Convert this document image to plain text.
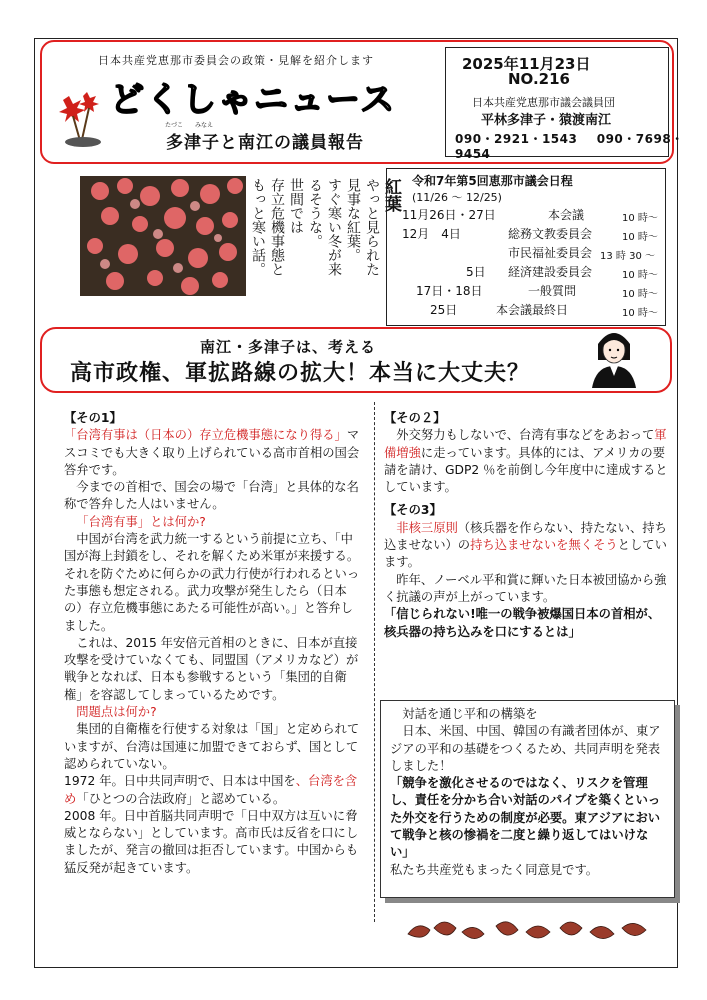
日本共産党恵那市委員会の政策・見解を紹介します
どくしゃニュース
たづこ　　みなえ
多津子と南江の議員報告
2025年11月23日
NO.216
日本共産党恵那市議会議員団
平林多津子・猿渡南江
090・2921・1543 090・7698・9454
紅葉
やっと見られた
見事な紅葉。
すぐ寒い冬が来
るそうな。
世間では
存立危機事態と
もっと寒い話。	令和7年第5回恵那市議会日程
(11/26 ～ 12/25)
11月26日・27日	本会議	10 時～
12月　4日	総務文教委員会	10 時～
市民福祉委員会 13 時 30 ～
5日 経済建設委員会	10 時～
17日・18日	一般質問	10 時～
25日	本会議最終日	10 時～
南江・多津子は、考える
高市政権、軍拡路線の拡大！本当に大丈夫？

【その1】

「台湾有事は（日本の）存立危機事態になり得る」マスコミでも大きく取り上げられている高市首相の国会答弁です。

今までの首相で、国会の場で「台湾」と具体的な名称で答弁した人はいません。

「台湾有事」とは何か?

中国が台湾を武力統一するという前提に立ち、「中国が海上封鎖をし、それを解くため米軍が来援する。それを防ぐために何らかの武力行使が行われるといった事態も想定される。武力攻撃が発生したら（日本の）存立危機事態にあたる可能性が高い。」と答弁しました。

これは、2015 年安倍元首相のときに、日本が直接攻撃を受けていなくても、同盟国（アメリカなど）が戦争となれば、日本も参戦するという「集団的自衛権」を容認してしまっているためです。

問題点は何か?

集団的自衛権を行使する対象は「国」と定められていますが、台湾は国連に加盟できておらず、国として認められていない。

1972 年。日中共同声明で、日本は中国を、台湾を含め「ひとつの合法政府」と認めている。

2008 年。日中首脳共同声明で「日中双方は互いに脅威とならない」としています。高市氏は反省を口にしましたが、発言の撤回は拒否しています。中国からも猛反発が起きています。

【その２】

外交努力もしないで、台湾有事などをあおって軍備増強に走っています。具体的には、アメリカの要請を請け、GDP2 ％を前倒し今年度中に達成するとしています。

【その3】

非核三原則（核兵器を作らない、持たない、持ち込ませない）の持ち込ませないを無くそうとしています。

昨年、ノーベル平和賞に輝いた日本被団協から強く抗議の声が上がっています。

「信じられない!唯一の戦争被爆国日本の首相が、核兵器の持ち込みを口にするとは」

対話を通じ平和の構築を

日本、米国、中国、韓国の有識者団体が、東アジアの平和の基礎をつくるため、共同声明を発表しました！

「競争を激化させるのではなく、リスクを管理し、責任を分かち合い対話のパイプを築くといった外交を行うための制度が必要。東アジアにおいて戦争と核の惨禍を二度と繰り返してはいけない」

私たち共産党もまったく同意見です。
